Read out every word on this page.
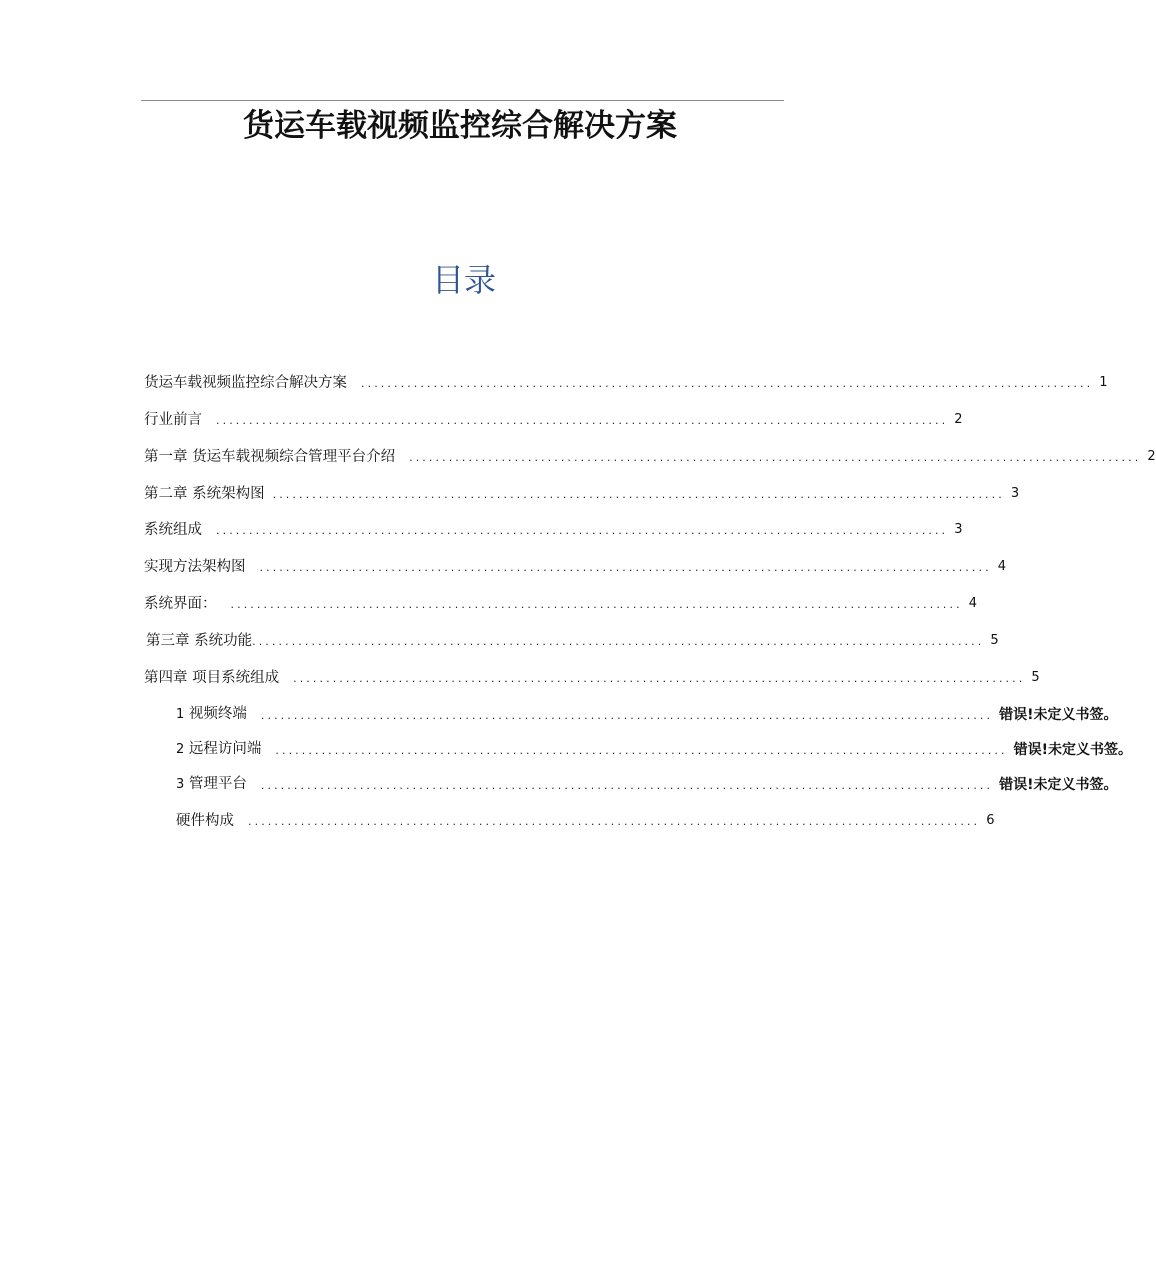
货运车载视频监控综合解决方案
目录
货运车载视频监控综合解决方案 ............................................................................................................... 1
行业前言 ............................................................................................................... 2
第一章 货运车载视频综合管理平台介绍 ............................................................................................................... 2
第二章 系统架构图 ............................................................................................................... 3
系统组成 ............................................................................................................... 3
实现方法架构图 ............................................................................................................... 4
系统界面： ............................................................................................................... 4
第三章 系统功能 ............................................................................................................... 5
第四章 项目系统组成 ............................................................................................................... 5
1 视频终端 ............................................................................................................... 错误!未定义书签。
2 远程访问端 ............................................................................................................... 错误!未定义书签。
3 管理平台 ............................................................................................................... 错误!未定义书签。
硬件构成 ............................................................................................................... 6
